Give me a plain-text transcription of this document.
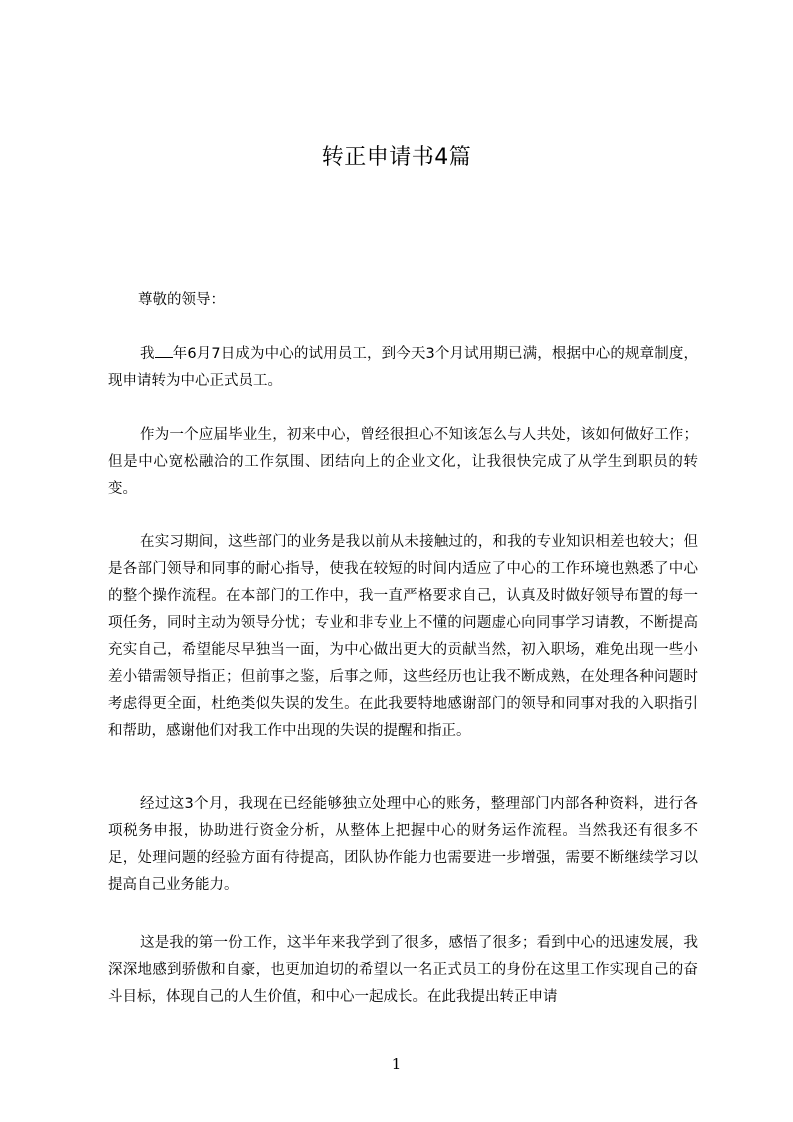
转正申请书4篇

尊敬的领导：

我 年6月7日成为中心的试用员工，到今天3个月试用期已满，根据中心的规章制度，现申请转为中心正式员工。

作为一个应届毕业生，初来中心，曾经很担心不知该怎么与人共处，该如何做好工作；但是中心宽松融洽的工作氛围、团结向上的企业文化，让我很快完成了从学生到职员的转变。

在实习期间，这些部门的业务是我以前从未接触过的，和我的专业知识相差也较大；但是各部门领导和同事的耐心指导，使我在较短的时间内适应了中心的工作环境也熟悉了中心的整个操作流程。在本部门的工作中，我一直严格要求自己，认真及时做好领导布置的每一项任务，同时主动为领导分忧；专业和非专业上不懂的问题虚心向同事学习请教，不断提高充实自己，希望能尽早独当一面，为中心做出更大的贡献当然，初入职场，难免出现一些小差小错需领导指正；但前事之鉴，后事之师，这些经历也让我不断成熟，在处理各种问题时考虑得更全面，杜绝类似失误的发生。在此我要特地感谢部门的领导和同事对我的入职指引和帮助，感谢他们对我工作中出现的失误的提醒和指正。

经过这3个月，我现在已经能够独立处理中心的账务，整理部门内部各种资料，进行各项税务申报，协助进行资金分析，从整体上把握中心的财务运作流程。当然我还有很多不足，处理问题的经验方面有待提高，团队协作能力也需要进一步增强，需要不断继续学习以提高自己业务能力。

这是我的第一份工作，这半年来我学到了很多，感悟了很多；看到中心的迅速发展，我深深地感到骄傲和自豪，也更加迫切的希望以一名正式员工的身份在这里工作实现自己的奋斗目标，体现自己的人生价值，和中心一起成长。在此我提出转正申请

1
